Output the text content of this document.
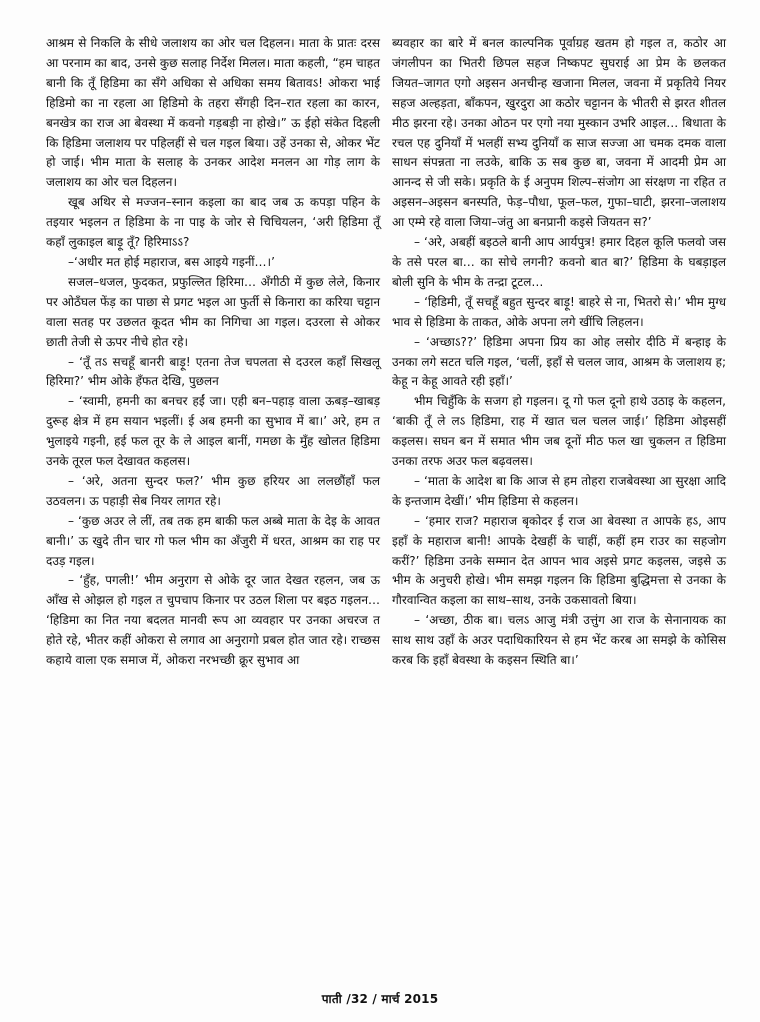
आश्रम से निकलि के सीधे जलाशय का ओर चल दिहलन। माता के प्रातः दरस आ परनाम का बाद, उनसे कुछ सलाह निर्देश मिलल। माता कहली, “हम चाहत बानी कि तूँ हिडिमा का सँगे अधिका से अधिका समय बितावऽ! ओकरा भाई हिडिमो का ना रहला आ हिडिमो के तहरा सँगही दिन–रात रहला का कारन, बनखेत्र का राज आ बेवस्था में कवनो गड़बड़ी ना होखे।” ऊ ईहो संकेत दिहली कि हिडिमा जलाशय पर पहिलहीं से चल गइल बिया। उहें उनका से, ओकर भेंट हो जाई। भीम माता के सलाह के उनकर आदेश मनलन आ गोड़ लाग के जलाशय का ओर चल दिहलन।

खूब अथिर से मज्जन–स्नान कइला का बाद जब ऊ कपड़ा पहिन के तइयार भइलन त हिडिमा के ना पाइ के जोर से चिचियलन, ‘अरी हिडिमा तूँ कहाँ लुकाइल बाड़ू तूँ? हिरिमाऽऽ?

–‘अधीर मत होई महाराज, बस आइये गइनीं…।’

सजल–धजल, फुदकत, प्रफुल्लित हिरिमा… अँगीठी में कुछ लेले, किनार पर ओठँघल फेंड़ का पाछा से प्रगट भइल आ फुर्ती से किनारा का करिया चट्टान वाला सतह पर उछलत कूदत भीम का निगिचा आ गइल। दउरला से ओकर छाती तेजी से ऊपर नीचे होत रहे।

– ‘तूँ तऽ सचहूँ बानरी बाड़ू! एतना तेज चपलता से दउरल कहाँ सिखलू हिरिमा?’ भीम ओके हँफत देखि, पुछलन

– ‘स्वामी, हमनी का बनचर हईं जा। एही बन–पहाड़ वाला ऊबड़–खाबड़ दुरूह क्षेत्र में हम सयान भइलीं। ई अब हमनी का सुभाव में बा।’ अरे, हम त भुलाइये गइनी, हई फल तूर के ले आइल बानीं, गमछा के मुँह खोलत हिडिमा उनके तूरल फल देखावत कहलस।

– ‘अरे, अतना सुन्दर फल?’ भीम कुछ हरियर आ ललछौंहाँ फल उठवलन। ऊ पहाड़ी सेब नियर लागत रहे।

– ‘कुछ अउर ले लीं, तब तक हम बाकी फल अब्बे माता के देइ के आवत बानी।’ ऊ खुदे तीन चार गो फल भीम का अँजुरी में धरत, आश्रम का राह पर दउड़ गइल।

– ‘हुँह, पगली!’ भीम अनुराग से ओके दूर जात देखत रहलन, जब ऊ आँख से ओझल हो गइल त चुपचाप किनार पर उठल शिला पर बइठ गइलन… ‘हिडिमा का नित नया बदलत मानवी रूप आ व्यवहार पर उनका अचरज त होते रहे, भीतर कहीं ओकरा से लगाव आ अनुरागो प्रबल होत जात रहे। राच्छस कहाये वाला एक समाज में, ओकरा नरभच्छी क्रूर सुभाव आ

ब्यवहार का बारे में बनल काल्पनिक पूर्वाग्रह खतम हो गइल त, कठोर आ जंगलीपन का भितरी छिपल सहज निष्कपट सुघराई आ प्रेम के छलकत जियत–जागत एगो अइसन अनचीन्ह खजाना मिलल, जवना में प्रकृतिये नियर सहज अल्हड़ता, बाँकपन, खुरदुरा आ कठोर चट्टानन के भीतरी से झरत शीतल मीठ झरना रहे। उनका ओठन पर एगो नया मुस्कान उभरि आइल… बिधाता के रचल एह दुनियाँ में भलहीं सभ्य दुनियाँ क साज सज्जा आ चमक दमक वाला साधन संपन्नता ना लउके, बाकि ऊ सब कुछ बा, जवना में आदमी प्रेम आ आनन्द से जी सके। प्रकृति के ई अनुपम शिल्प–संजोग आ संरक्षण ना रहित त अइसन–अइसन बनस्पति, फेड़–पौधा, फूल–फल, गुफा–घाटी, झरना–जलाशय आ एम्मे रहे वाला जिया–जंतु आ बनप्रानी कइसे जियतन स?’

– ‘अरे, अबहीं बइठले बानी आप आर्यपुत्र! हमार दिहल कूलि फलवो जस के तसे परल बा… का सोचे लगनी? कवनो बात बा?’ हिडिमा के घबड़ाइल बोली सुनि के भीम के तन्द्रा टूटल…

– ‘हिडिमी, तूँ सचहूँ बहुत सुन्दर बाड़ू! बाहरे से ना, भितरो से।’ भीम मुग्ध भाव से हिडिमा के ताकत, ओके अपना लगे खींचि लिहलन।

– ‘अच्छाऽ??’ हिडिमा अपना प्रिय का ओह लसोर दीठि में बन्हाइ के उनका लगे सटत चलि गइल, ‘चलीं, इहाँ से चलल जाव, आश्रम के जलाशय ह; केहू न केहू आवते रही इहाँ।’

भीम चिहुँकि के सजग हो गइलन। दू गो फल दूनो हाथे उठाइ के कहलन, ‘बाकी तूँ ले लऽ हिडिमा, राह में खात चल चलल जाई।’ हिडिमा ओइसहीं कइलस। सघन बन में समात भीम जब दूनों मीठ फल खा चुकलन त हिडिमा उनका तरफ अउर फल बढ़वलस।

– ‘माता के आदेश बा कि आज से हम तोहरा राजबेवस्था आ सुरक्षा आदि के इन्तजाम देखीं।’ भीम हिडिमा से कहलन।

– ‘हमार राज? महाराज बृकोदर ई राज आ बेवस्था त आपके हऽ, आप इहाँ के महाराज बानी! आपके देखहीं के चाहीं, कहीं हम राउर का सहजोग करीं?’ हिडिमा उनके सम्मान देत आपन भाव अइसे प्रगट कइलस, जइसे ऊ भीम के अनुचरी होखे। भीम समझ गइलन कि हिडिमा बुद्धिमत्ता से उनका के गौरवान्वित कइला का साथ–साथ, उनके उकसावतो बिया।

– ‘अच्छा, ठीक बा। चलऽ आजु मंत्री उत्तुंग आ राज के सेनानायक का साथ साथ उहाँ के अउर पदाधिकारियन से हम भेंट करब आ समझे के कोसिस करब कि इहाँ बेवस्था के कइसन स्थिति बा।’

पाती /32 / मार्च 2015
